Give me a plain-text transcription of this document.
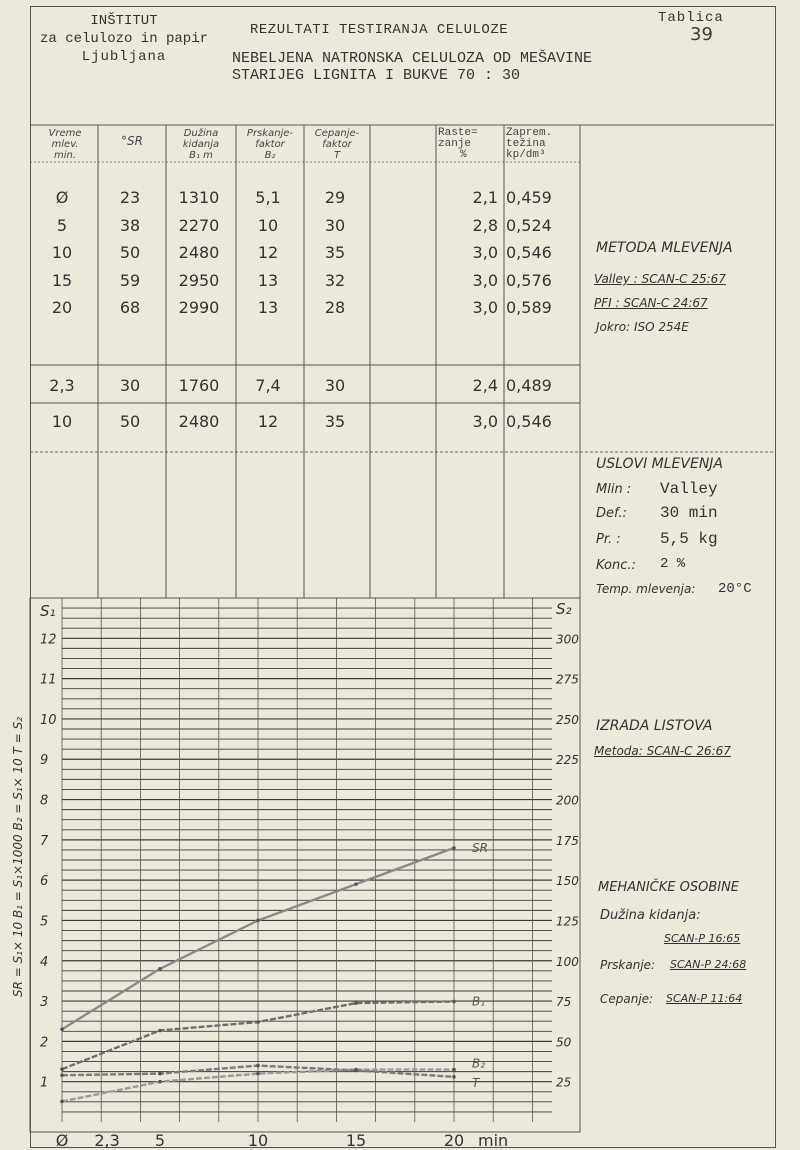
INŠTITUT
za celulozo in papir
Ljubljana
REZULTATI TESTIRANJA CELULOZE
NEBELJENA NATRONSKA CELULOZA OD MEŠAVINE
STARIJEG LIGNITA I BUKVE 70 : 30
Tablica
39
Vreme
mlev.
min.
°SR
Dužina
kidanja
B₁ m
Prskanje-
faktor
B₂
Cepanje-
faktor
T
Raste=
zanje
%
Zaprem.
težina
kp/dm³
Ø	23	1310	5,1	29	2,1 0,459
5	38	2270	10	30	2,8 0,524
10	50	2480	12	35	3,0 0,546
15	59	2950	13	32	3,0 0,576
20	68	2990	13	28	3,0 0,589
2,3	30	1760	7,4	30	2,4 0,489
10	50	2480	12	35	3,0 0,546
METODA MLEVENJA
Valley : SCAN-C 25:67
PFI : SCAN-C 24:67
Jokro: ISO 254E
USLOVI MLEVENJA
Mlin : Valley
Def.: 30 min
Pr. : 5,5 kg
Konc.: 2 %
Temp. mlevenja: 20°C
IZRADA LISTOVA
Metoda: SCAN-C 26:67
MEHANIČKE OSOBINE
Dužina kidanja:
SCAN-P 16:65
Prskanje: SCAN-P 24:68
Cepanje: SCAN-P 11:64
SR = S₁× 10 B₁ = S₁×1000 B₂ = S₁× 10 T = S₂
S₁	S₂
1
2
3
4
5
6
7
8
9
10
11
12
25
50
75
100
125
150
175
200
225
250
275
300
Ø 2,3 5	10	15	20 min
SR
B₁
B₂
T
